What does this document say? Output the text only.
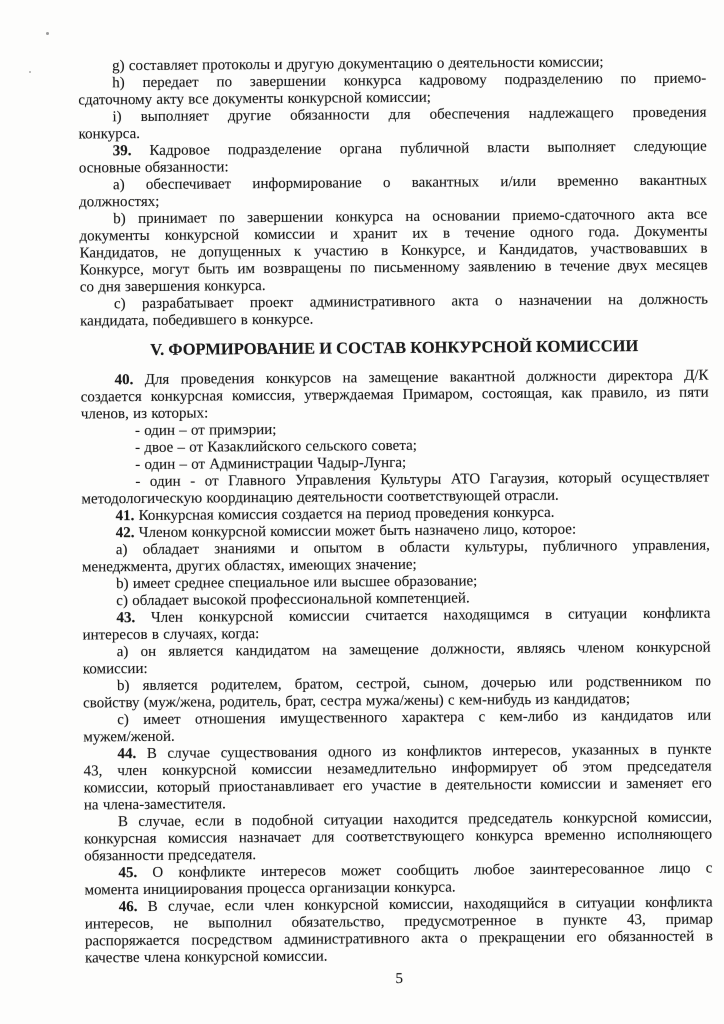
g) составляет протоколы и другую документацию о деятельности комиссии;
h) передает по завершении конкурса кадровому подразделению по приемо-
сдаточному акту все документы конкурсной комиссии;
i) выполняет другие обязанности для обеспечения надлежащего проведения
конкурса.
39. Кадровое подразделение органа публичной власти выполняет следующие
основные обязанности:
a) обеспечивает информирование о вакантных и/или временно вакантных
должностях;
b) принимает по завершении конкурса на основании приемо-сдаточного акта все
документы конкурсной комиссии и хранит их в течение одного года. Документы
Кандидатов, не допущенных к участию в Конкурсе, и Кандидатов, участвовавших в
Конкурсе, могут быть им возвращены по письменному заявлению в течение двух месяцев
со дня завершения конкурса.
c) разрабатывает проект административного акта о назначении на должность
кандидата, победившего в конкурсе.
V. ФОРМИРОВАНИЕ И СОСТАВ КОНКУРСНОЙ КОМИССИИ
40. Для проведения конкурсов на замещение вакантной должности директора Д/К
создается конкурсная комиссия, утверждаемая Примаром, состоящая, как правило, из пяти
членов, из которых:
- один – от примэрии;
- двое – от Казаклийского сельского совета;
- один – от Администрации Чадыр-Лунга;
- один - от Главного Управления Культуры АТО Гагаузия, который осуществляет
методологическую координацию деятельности соответствующей отрасли.
41. Конкурсная комиссия создается на период проведения конкурса.
42. Членом конкурсной комиссии может быть назначено лицо, которое:
a) обладает знаниями и опытом в области культуры, публичного управления,
менеджмента, других областях, имеющих значение;
b) имеет среднее специальное или высшее образование;
c) обладает высокой профессиональной компетенцией.
43. Член конкурсной комиссии считается находящимся в ситуации конфликта
интересов в случаях, когда:
a) он является кандидатом на замещение должности, являясь членом конкурсной
комиссии:
b) является родителем, братом, сестрой, сыном, дочерью или родственником по
свойству (муж/жена, родитель, брат, сестра мужа/жены) с кем-нибудь из кандидатов;
c) имеет отношения имущественного характера с кем-либо из кандидатов или
мужем/женой.
44. В случае существования одного из конфликтов интересов, указанных в пункте
43, член конкурсной комиссии незамедлительно информирует об этом председателя
комиссии, который приостанавливает его участие в деятельности комиссии и заменяет его
на члена-заместителя.
В случае, если в подобной ситуации находится председатель конкурсной комиссии,
конкурсная комиссия назначает для соответствующего конкурса временно исполняющего
обязанности председателя.
45. О конфликте интересов может сообщить любое заинтересованное лицо с
момента инициирования процесса организации конкурса.
46. В случае, если член конкурсной комиссии, находящийся в ситуации конфликта
интересов, не выполнил обязательство, предусмотренное в пункте 43, примар
распоряжается посредством административного акта о прекращении его обязанностей в
качестве члена конкурсной комиссии.
5
